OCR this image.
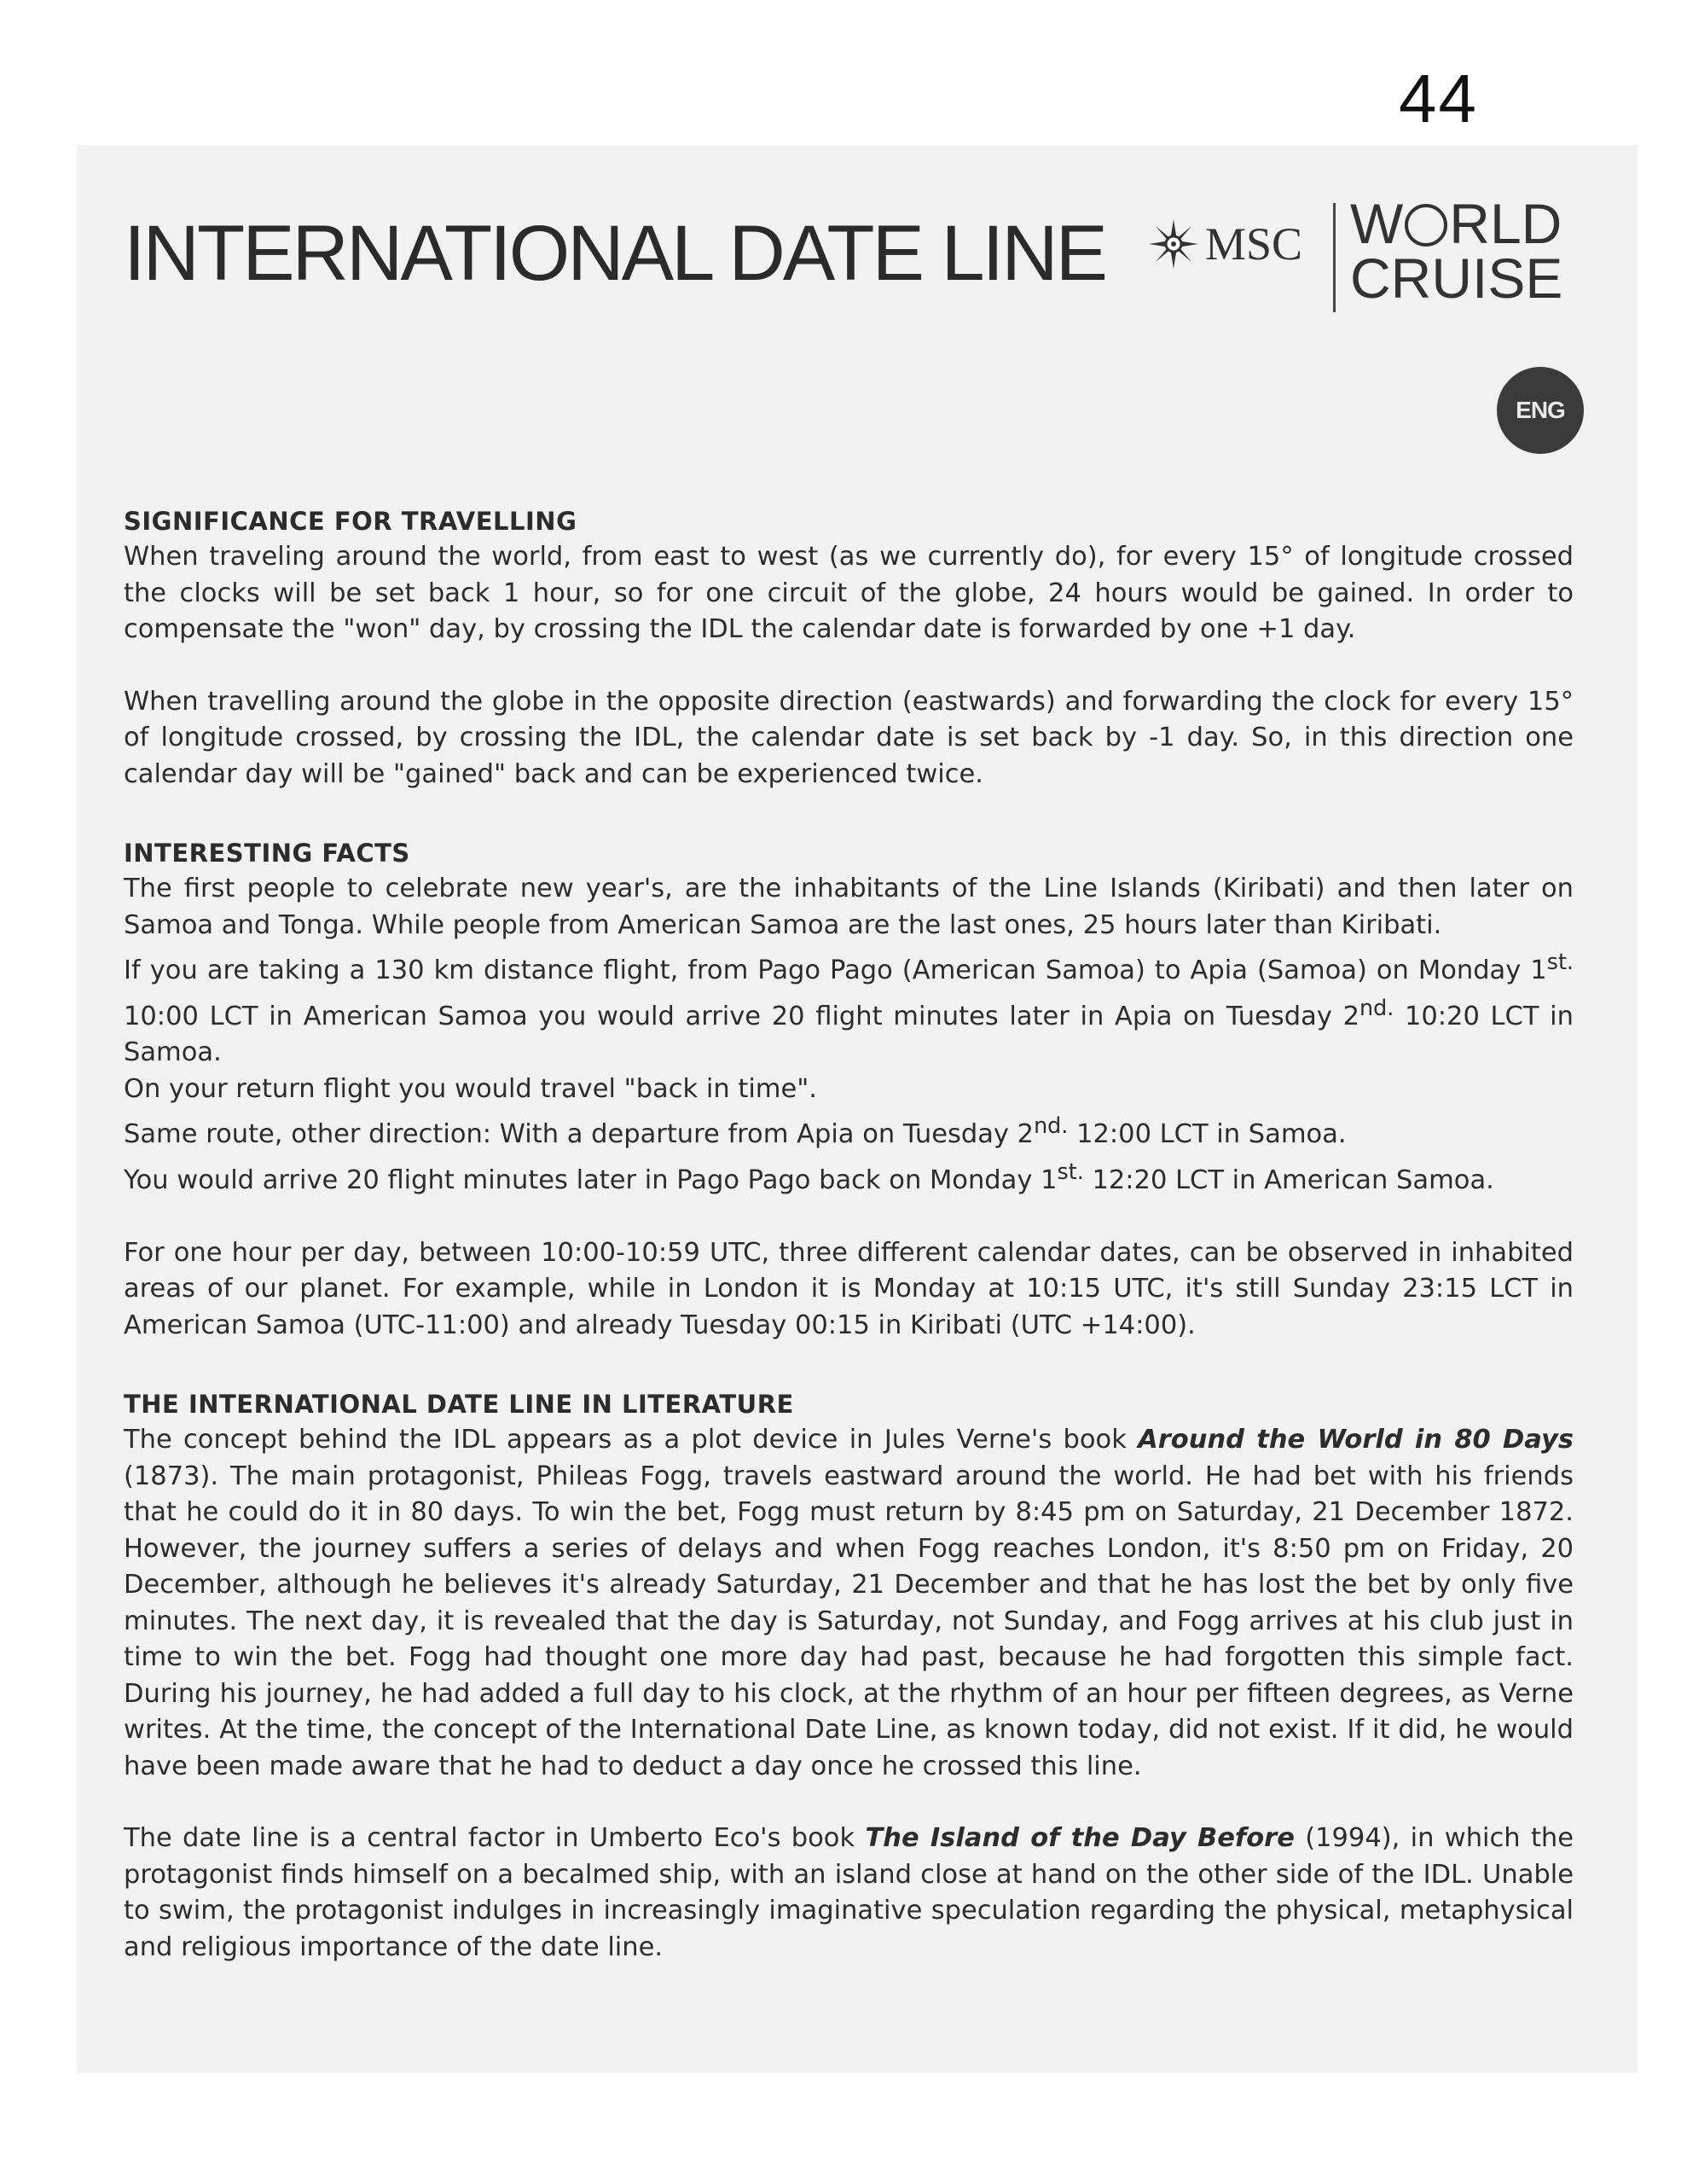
44
INTERNATIONAL DATE LINE MSC W RLD
CRUISE
ENG
SIGNIFICANCE FOR TRAVELLING

When traveling around the world, from east to west (as we currently do), for every 15° of longitude crossed the clocks will be set back 1 hour, so for one circuit of the globe, 24 hours would be gained. In order to compensate the "won" day, by crossing the IDL the calendar date is forwarded by one +1 day.

When travelling around the globe in the opposite direction (eastwards) and forwarding the clock for every 15° of longitude crossed, by crossing the IDL, the calendar date is set back by -1 day. So, in this direction one calendar day will be "gained" back and can be experienced twice.

INTERESTING FACTS

The first people to celebrate new year's, are the inhabitants of the Line Islands (Kiribati) and then later on Samoa and Tonga. While people from American Samoa are the last ones, 25 hours later than Kiribati.

If you are taking a 130 km distance flight, from Pago Pago (American Samoa) to Apia (Samoa) on Monday $1^{st.}$ 10:00 LCT in American Samoa you would arrive 20 flight minutes later in Apia on Tuesday $2^{nd.}$ 10:20 LCT in Samoa.

On your return flight you would travel "back in time".

Same route, other direction: With a departure from Apia on Tuesday $2^{nd.}$ 12:00 LCT in Samoa.

You would arrive 20 flight minutes later in Pago Pago back on Monday $1^{st.}$ 12:20 LCT in American Samoa.

For one hour per day, between 10:00-10:59 UTC, three different calendar dates, can be observed in inhabited areas of our planet. For example, while in London it is Monday at 10:15 UTC, it's still Sunday 23:15 LCT in American Samoa (UTC-11:00) and already Tuesday 00:15 in Kiribati (UTC +14:00).

THE INTERNATIONAL DATE LINE IN LITERATURE

The concept behind the IDL appears as a plot device in Jules Verne's book Around the World in 80 Days (1873). The main protagonist, Phileas Fogg, travels eastward around the world. He had bet with his friends that he could do it in 80 days. To win the bet, Fogg must return by 8:45 pm on Saturday, 21 December 1872. However, the journey suffers a series of delays and when Fogg reaches London, it's 8:50 pm on Friday, 20 December, although he believes it's already Saturday, 21 December and that he has lost the bet by only five minutes. The next day, it is revealed that the day is Saturday, not Sunday, and Fogg arrives at his club just in time to win the bet. Fogg had thought one more day had past, because he had forgotten this simple fact. During his journey, he had added a full day to his clock, at the rhythm of an hour per fifteen degrees, as Verne writes. At the time, the concept of the International Date Line, as known today, did not exist. If it did, he would have been made aware that he had to deduct a day once he crossed this line.

The date line is a central factor in Umberto Eco's book The Island of the Day Before (1994), in which the protagonist finds himself on a becalmed ship, with an island close at hand on the other side of the IDL. Unable to swim, the protagonist indulges in increasingly imaginative speculation regarding the physical, metaphysical and religious importance of the date line.
